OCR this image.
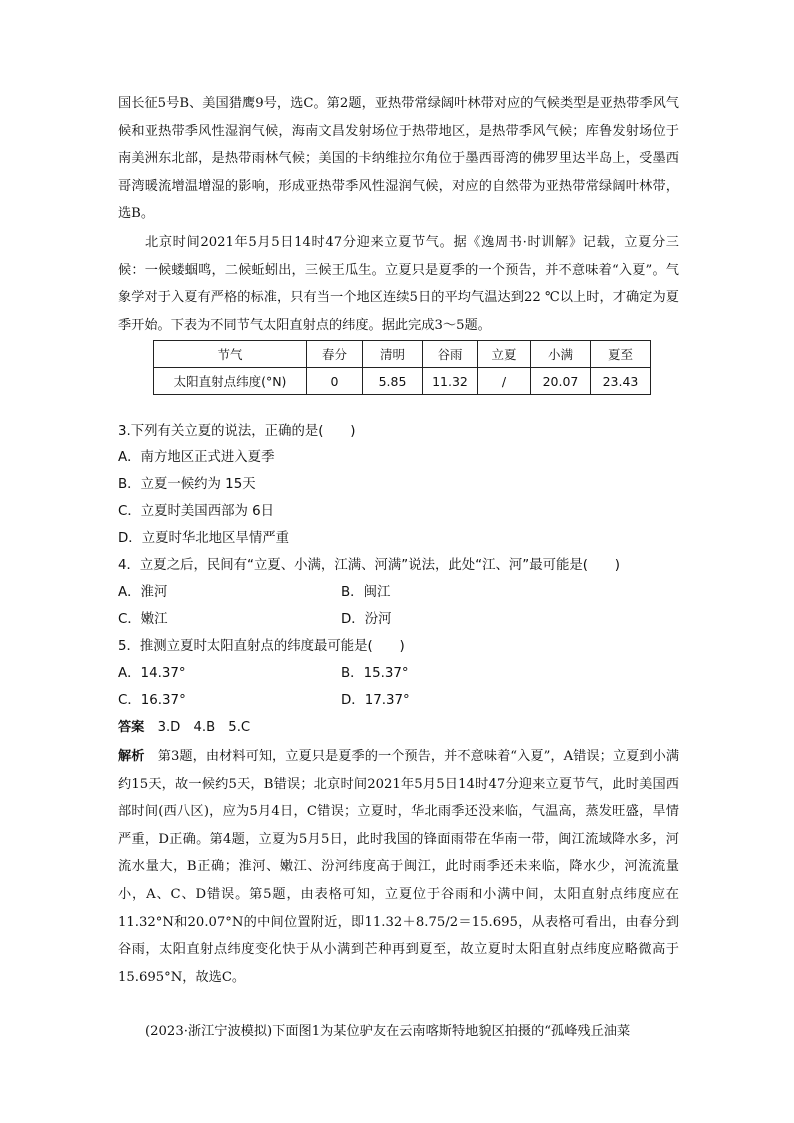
国长征5号B、美国猎鹰9号，选C。第2题，亚热带常绿阔叶林带对应的气候类型是亚热带季风气候和亚热带季风性湿润气候，海南文昌发射场位于热带地区，是热带季风气候；库鲁发射场位于南美洲东北部，是热带雨林气候；美国的卡纳维拉尔角位于墨西哥湾的佛罗里达半岛上，受墨西哥湾暖流增温增湿的影响，形成亚热带季风性湿润气候，对应的自然带为亚热带常绿阔叶林带，选B。

北京时间2021年5月5日14时47分迎来立夏节气。据《逸周书·时训解》记载，立夏分三候：一候蝼蝈鸣，二候蚯蚓出，三候王瓜生。立夏只是夏季的一个预告，并不意味着“入夏”。气象学对于入夏有严格的标准，只有当一个地区连续5日的平均气温达到22 ℃以上时，才确定为夏季开始。下表为不同节气太阳直射点的纬度。据此完成3～5题。

节气	春分	清明	谷雨	立夏	小满	夏至
太阳直射点纬度(°N)	0	5.85	11.32	/	20.07	23.43
3.下列有关立夏的说法，正确的是(　　)
A．南方地区正式进入夏季
B．立夏一候约为 15天
C．立夏时美国西部为 6日
D．立夏时华北地区旱情严重
4．立夏之后，民间有“立夏、小满，江满、河满”说法，此处“江、河”最可能是(　　)
A．淮河	B．闽江
C．嫩江	D．汾河
5．推测立夏时太阳直射点的纬度最可能是(　　)
A．14.37°	B．15.37°
C．16.37°	D．17.37°
答案　 3.D　4.B　5.C

解析　 第3题，由材料可知，立夏只是夏季的一个预告，并不意味着“入夏”，A错误；立夏到小满约15天，故一候约5天，B错误；北京时间2021年5月5日14时47分迎来立夏节气，此时美国西部时间(西八区)，应为5月4日，C错误；立夏时，华北雨季还没来临，气温高，蒸发旺盛，旱情严重，D正确。第4题，立夏为5月5日，此时我国的锋面雨带在华南一带，闽江流域降水多，河流水量大，B正确；淮河、嫩江、汾河纬度高于闽江，此时雨季还未来临，降水少，河流流量小，A、C、D错误。第5题，由表格可知，立夏位于谷雨和小满中间，太阳直射点纬度应在11.32°N和20.07°N的中间位置附近，即11.32＋8.75/2＝15.695，从表格可看出，由春分到谷雨，太阳直射点纬度变化快于从小满到芒种再到夏至，故立夏时太阳直射点纬度应略微高于15.695°N，故选C。

(2023·浙江宁波模拟)下面图1为某位驴友在云南喀斯特地貌区拍摄的“孤峰残丘油菜
